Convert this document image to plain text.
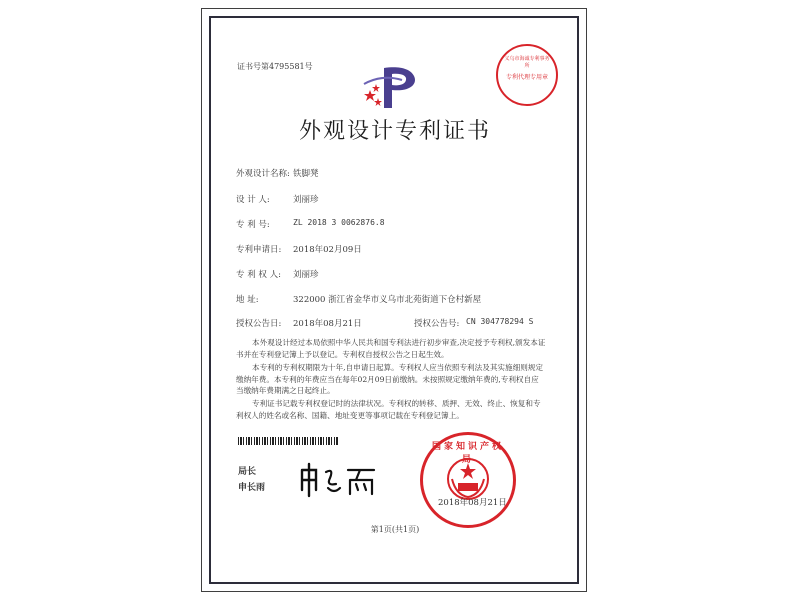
证书号第4795581号
义乌市海诚专利事务所
专利代理专用章
外观设计专利证书
外观设计名称: 铁脚凳
设 计 人:	刘丽珍
专 利 号:	ZL 2018 3 0062876.8
专利申请日: 2018年02月09日
专 利 权 人: 刘丽珍
地 址:	322000 浙江省金华市义乌市北苑街道下仓村新屋
授权公告日: 2018年08月21日	授权公告号: CN 304778294 S
本外观设计经过本局依照中华人民共和国专利法进行初步审查,决定授予专利权,颁发本证书并在专利登记簿上予以登记。专利权自授权公告之日起生效。
本专利的专利权期限为十年,自申请日起算。专利权人应当依照专利法及其实施细则规定缴纳年费。本专利的年费应当在每年02月09日前缴纳。未按照规定缴纳年费的,专利权自应当缴纳年费期满之日起终止。
专利证书记载专利权登记时的法律状况。专利权的转移、质押、无效、终止、恢复和专利权人的姓名或名称、国籍、地址变更等事项记载在专利登记簿上。
局长
申长雨
国家知识产权局
2018年08月21日
第1页(共1页)
